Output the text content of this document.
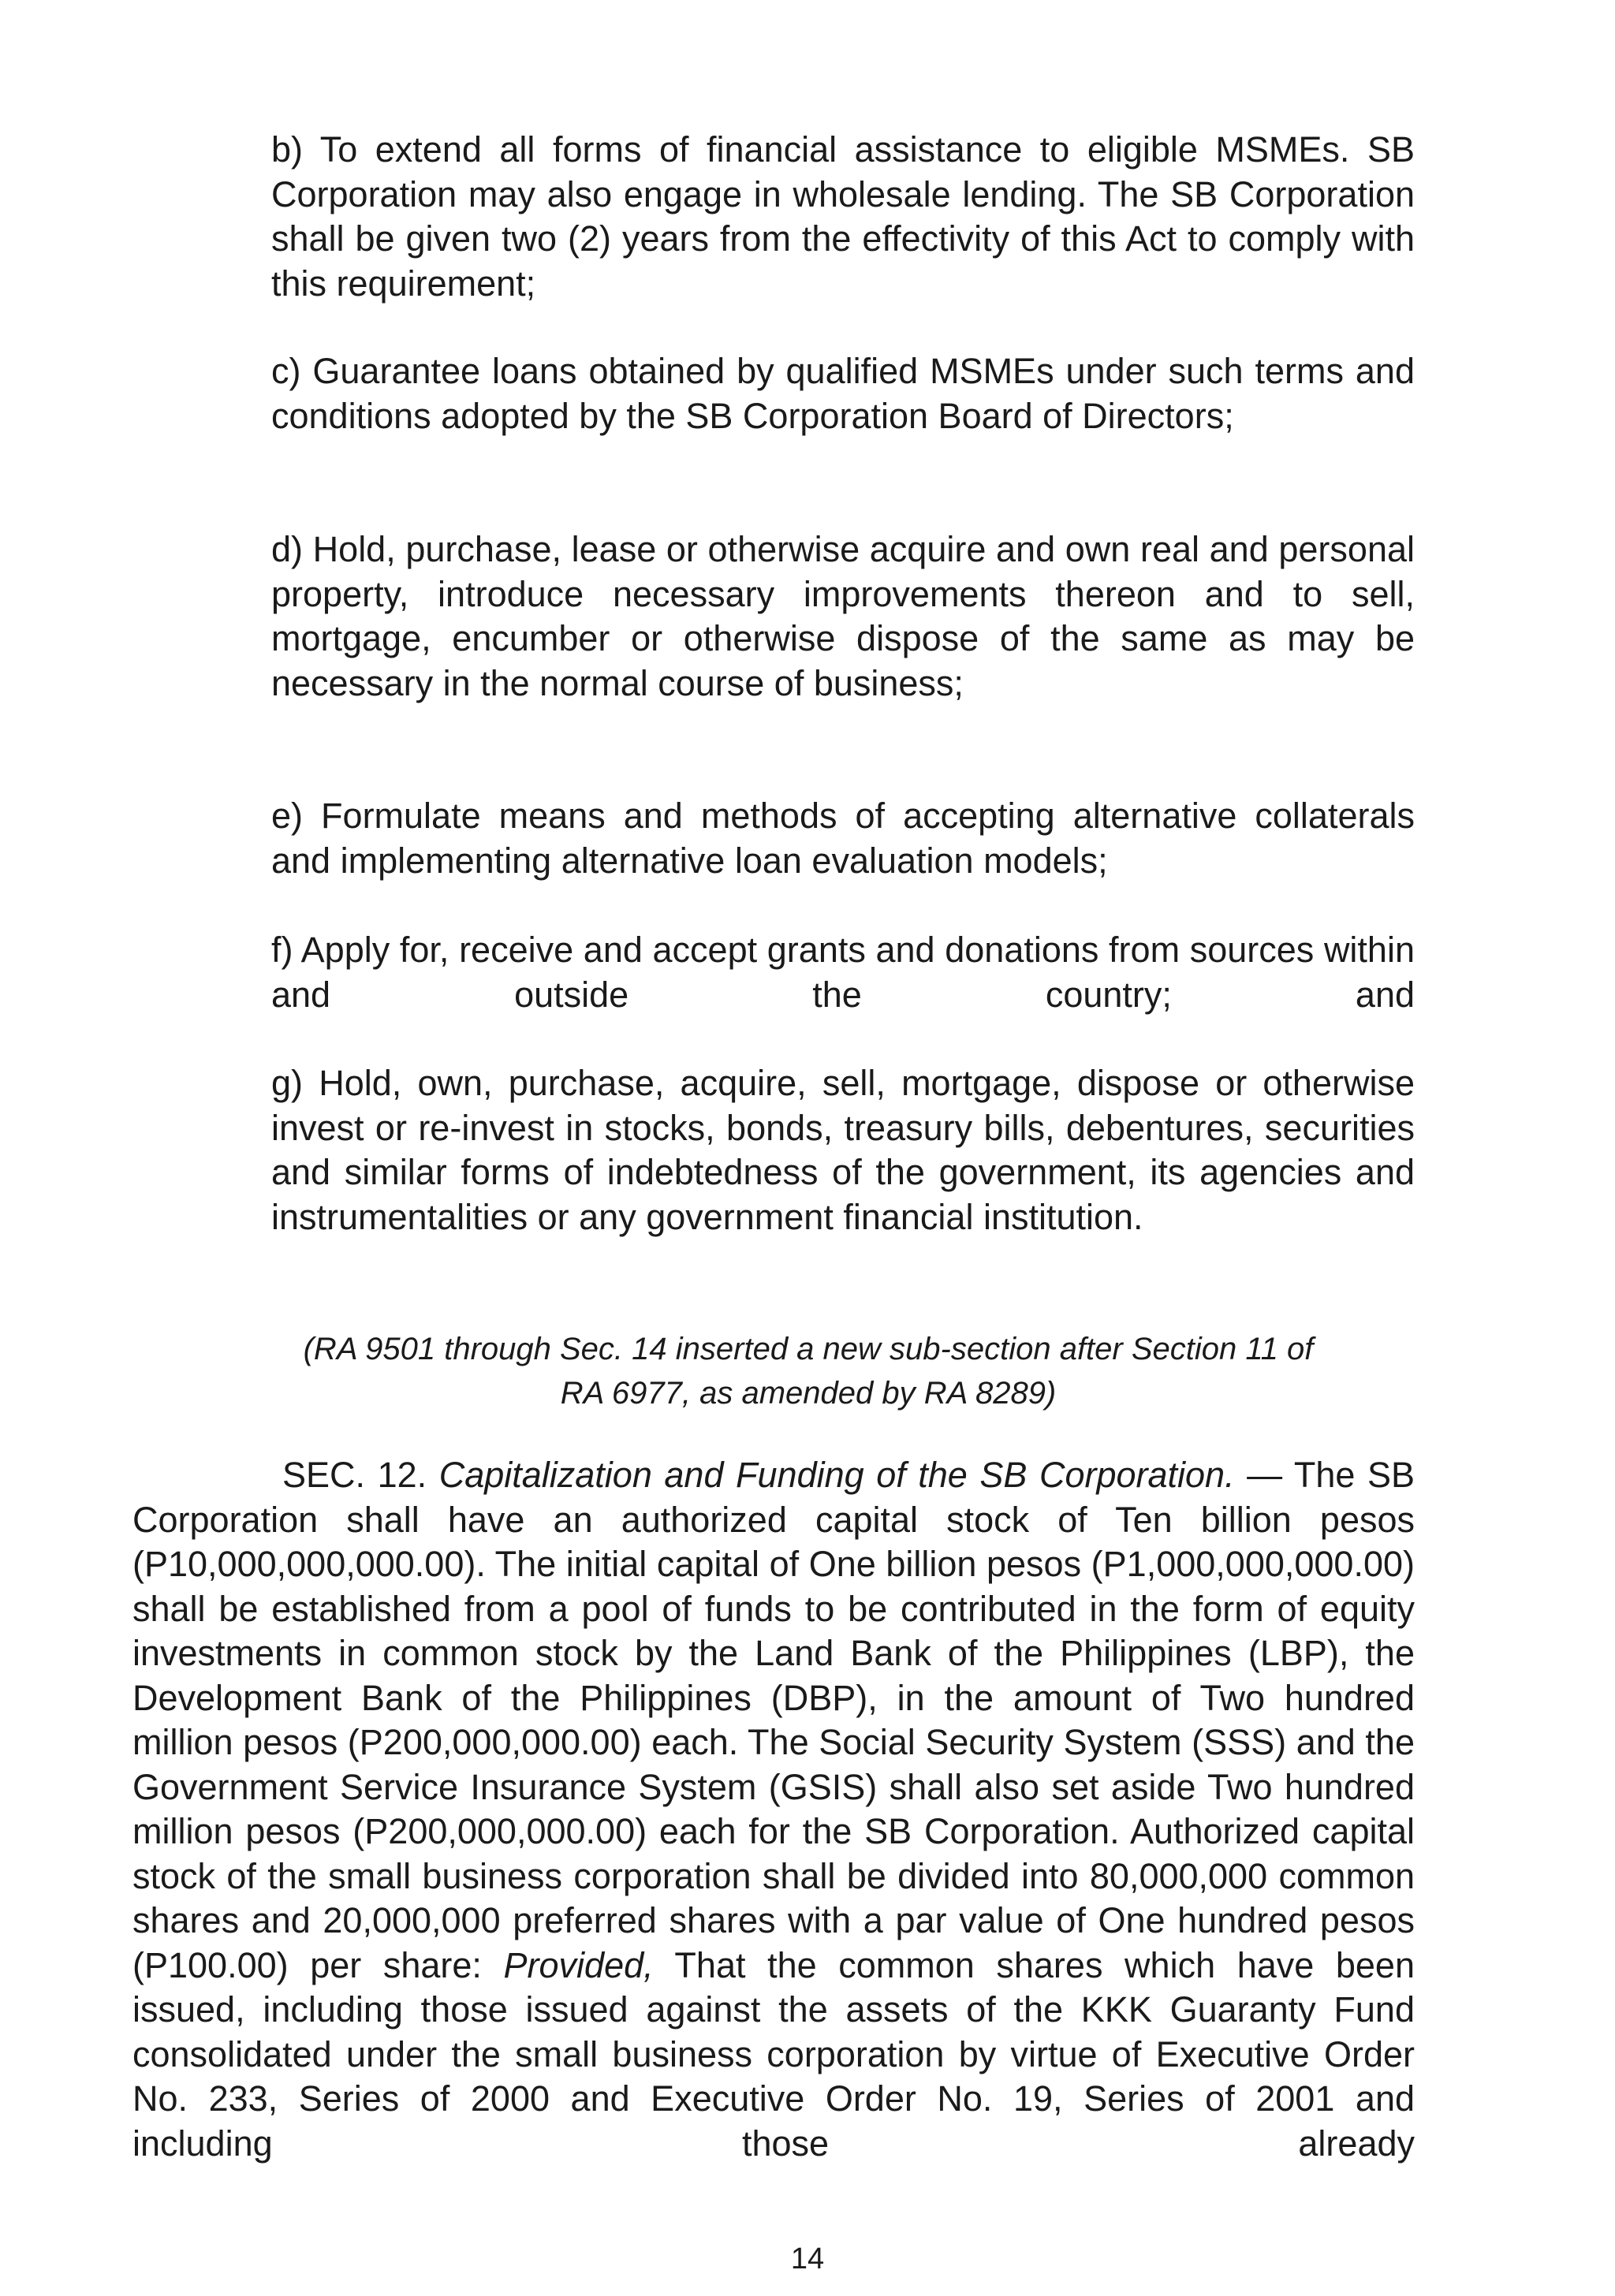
b) To extend all forms of financial assistance to eligible MSMEs. SB Corporation may also engage in wholesale lending. The SB Corporation shall be given two (2) years from the effectivity of this Act to comply with this requirement;

c) Guarantee loans obtained by qualified MSMEs under such terms and conditions adopted by the SB Corporation Board of Directors;

d) Hold, purchase, lease or otherwise acquire and own real and personal property, introduce necessary improvements thereon and to sell, mortgage, encumber or otherwise dispose of the same as may be necessary in the normal course of business;

e) Formulate means and methods of accepting alternative collaterals and implementing alternative loan evaluation models;

f) Apply for, receive and accept grants and donations from sources within and outside the country; and

g) Hold, own, purchase, acquire, sell, mortgage, dispose or otherwise invest or re-invest in stocks, bonds, treasury bills, debentures, securities and similar forms of indebtedness of the government, its agencies and instrumentalities or any government financial institution.

(RA 9501 through Sec. 14 inserted a new sub-section after Section 11 of
RA 6977, as amended by RA 8289)

SEC. 12. Capitalization and Funding of the SB Corporation. — The SB Corporation shall have an authorized capital stock of Ten billion pesos (P10,000,000,000.00). The initial capital of One billion pesos (P1,000,000,000.00) shall be established from a pool of funds to be contributed in the form of equity investments in common stock by the Land Bank of the Philippines (LBP), the Development Bank of the Philippines (DBP), in the amount of Two hundred million pesos (P200,000,000.00) each. The Social Security System (SSS) and the Government Service Insurance System (GSIS) shall also set aside Two hundred million pesos (P200,000,000.00) each for the SB Corporation. Authorized capital stock of the small business corporation shall be divided into 80,000,000 common shares and 20,000,000 preferred shares with a par value of One hundred pesos (P100.00) per share: Provided, That the common shares which have been issued, including those issued against the assets of the KKK Guaranty Fund consolidated under the small business corporation by virtue of Executive Order No. 233, Series of 2000 and Executive Order No. 19, Series of 2001 and including those already

14
